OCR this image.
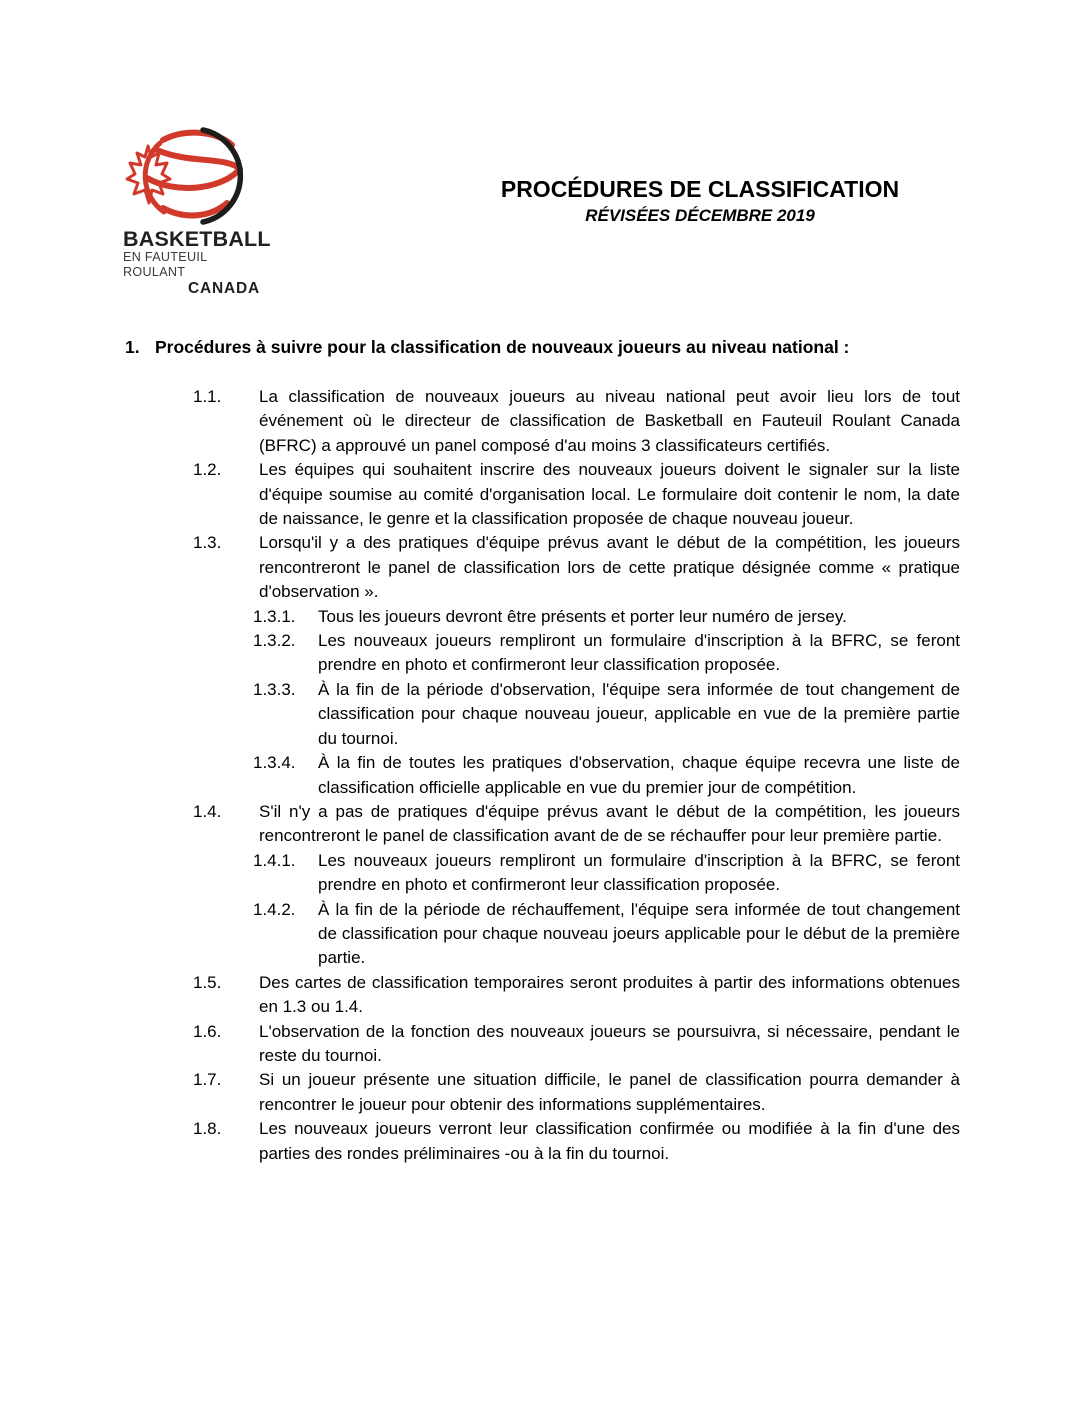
BASKETBALL
EN FAUTEUIL ROULANT
CANADA
PROCÉDURES DE CLASSIFICATION
RÉVISÉES DÉCEMBRE 2019
1. Procédures à suivre pour la classification de nouveaux joueurs au niveau national :
1.1.	La classification de nouveaux joueurs au niveau national peut avoir lieu lors de tout événement où le directeur de classification de Basketball en Fauteuil Roulant Canada (BFRC) a approuvé un panel composé d'au moins 3 classificateurs certifiés.
1.2.	Les équipes qui souhaitent inscrire des nouveaux joueurs doivent le signaler sur la liste d'équipe soumise au comité d'organisation local. Le formulaire doit contenir le nom, la date de naissance, le genre et la classification proposée de chaque nouveau joueur.
1.3.	Lorsqu'il y a des pratiques d'équipe prévus avant le début de la compétition, les joueurs rencontreront le panel de classification lors de cette pratique désignée comme « pratique d'observation ».
1.3.1.	Tous les joueurs devront être présents et porter leur numéro de jersey.
1.3.2.	Les nouveaux joueurs rempliront un formulaire d'inscription à la BFRC, se feront prendre en photo et confirmeront leur classification proposée.
1.3.3.	À la fin de la période d'observation, l'équipe sera informée de tout changement de classification pour chaque nouveau joueur, applicable en vue de la première partie du tournoi.
1.3.4.	À la fin de toutes les pratiques d'observation, chaque équipe recevra une liste de classification officielle applicable en vue du premier jour de compétition.
1.4.	S'il n'y a pas de pratiques d'équipe prévus avant le début de la compétition, les joueurs rencontreront le panel de classification avant de de se réchauffer pour leur première partie.
1.4.1.	Les nouveaux joueurs rempliront un formulaire d'inscription à la BFRC, se feront prendre en photo et confirmeront leur classification proposée.
1.4.2.	À la fin de la période de réchauffement, l'équipe sera informée de tout changement de classification pour chaque nouveau joeurs applicable pour le début de la première partie.
1.5.	Des cartes de classification temporaires seront produites à partir des informations obtenues en 1.3 ou 1.4.
1.6.	L'observation de la fonction des nouveaux joueurs se poursuivra, si nécessaire, pendant le reste du tournoi.
1.7.	Si un joueur présente une situation difficile, le panel de classification pourra demander à rencontrer le joueur pour obtenir des informations supplémentaires.
1.8.	Les nouveaux joueurs verront leur classification confirmée ou modifiée à la fin d'une des parties des rondes préliminaires -ou à la fin du tournoi.
